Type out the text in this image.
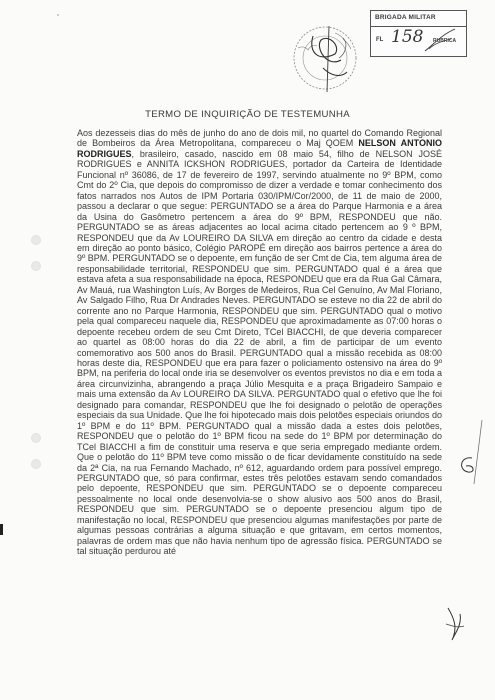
BRIGADA MILITAR
FL 158 RUBRICA
TERMO DE INQUIRIÇÃO DE TESTEMUNHA
Aos dezesseis dias do mês de junho do ano de dois mil, no quartel do Comando Regional de Bombeiros da Área Metropolitana, compareceu o Maj QOEM NELSON ANTONIO RODRIGUES, brasileiro, casado, nascido em 08 maio 54, filho de NELSON JOSÉ RODRIGUES e ANNITA ICKSHON RODRIGUES, portador da Carteira de Identidade Funcional nº 36086, de 17 de fevereiro de 1997, servindo atualmente no 9º BPM, como Cmt do 2º Cia, que depois do compromisso de dizer a verdade e tomar conhecimento dos fatos narrados nos Autos de IPM Portaria 030/IPM/Cor/2000, de 11 de maio de 2000, passou a declarar o que segue: PERGUNTADO se a área do Parque Harmonia e a área da Usina do Gasômetro pertencem a área do 9º BPM, RESPONDEU que não. PERGUNTADO se as áreas adjacentes ao local acima citado pertencem ao 9 º BPM, RESPONDEU que da Av LOUREIRO DA SILVA em direção ao centro da cidade e desta em direção ao ponto básico, Colégio PAROPÉ em direção aos bairros pertence a área do 9º BPM. PERGUNTADO se o depoente, em função de ser Cmt de Cia, tem alguma área de responsabilidade territorial, RESPONDEU que sim. PERGUNTADO qual é a área que estava afeta a sua responsabilidade na época, RESPONDEU que era da Rua Gal Câmara, Av Mauá, rua Washington Luís, Av Borges de Medeiros, Rua Cel Genuíno, Av Mal Floriano, Av Salgado Filho, Rua Dr Andrades Neves. PERGUNTADO se esteve no dia 22 de abril do corrente ano no Parque Harmonia, RESPONDEU que sim. PERGUNTADO qual o motivo pela qual compareceu naquele dia, RESPONDEU que aproximadamente as 07:00 horas o depoente recebeu ordem de seu Cmt Direto, TCel BIACCHI, de que deveria comparecer ao quartel as 08:00 horas do dia 22 de abril, a fim de participar de um evento comemorativo aos 500 anos do Brasil. PERGUNTADO qual a missão recebida as 08:00 horas deste dia, RESPONDEU que era para fazer o policiamento ostensivo na área do 9º BPM, na periferia do local onde iria se desenvolver os eventos previstos no dia e em toda a área circunvizinha, abrangendo a praça Júlio Mesquita e a praça Brigadeiro Sampaio e mais uma extensão da Av LOUREIRO DA SILVA. PERGUNTADO qual o efetivo que lhe foi designado para comandar, RESPONDEU que lhe foi designado o pelotão de operações especiais da sua Unidade. Que lhe foi hipotecado mais dois pelotões especiais oriundos do 1º BPM e do 11º BPM. PERGUNTADO qual a missão dada a estes dois pelotões, RESPONDEU que o pelotão do 1º BPM ficou na sede do 1º BPM por determinação do TCel BIACCHI a fim de constituir uma reserva e que seria empregado mediante ordem. Que o pelotão do 11º BPM teve como missão o de ficar devidamente constituído na sede da 2ª Cia, na rua Fernando Machado, nº 612, aguardando ordem para possível emprego. PERGUNTADO que, só para confirmar, estes três pelotões estavam sendo comandados pelo depoente, RESPONDEU que sim. PERGUNTADO se o depoente compareceu pessoalmente no local onde desenvolvia-se o show alusivo aos 500 anos do Brasil, RESPONDEU que sim. PERGUNTADO se o depoente presenciou algum tipo de manifestação no local, RESPONDEU que presenciou algumas manifestações por parte de algumas pessoas contrárias a alguma situação e que gritavam, em certos momentos, palavras de ordem mas que não havia nenhum tipo de agressão física. PERGUNTADO se tal situação perdurou até
